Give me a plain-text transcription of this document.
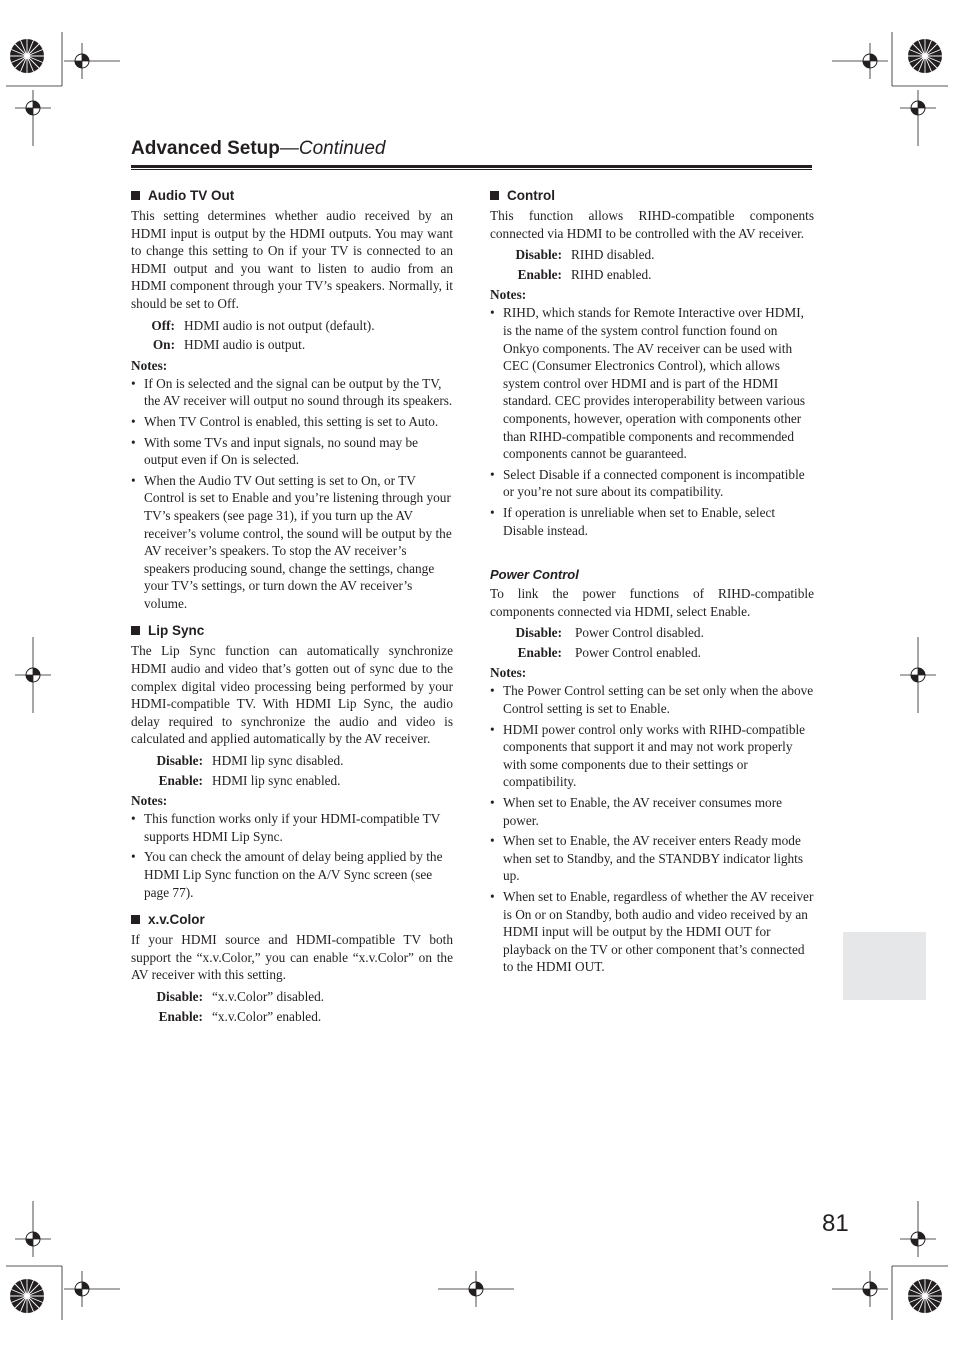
Advanced Setup—Continued
Audio TV Out

This setting determines whether audio received by an HDMI input is output by the HDMI outputs. You may want to change this setting to On if your TV is connected to an HDMI output and you want to listen to audio from an HDMI component through your TV’s speakers. Normally, it should be set to Off.

Off: HDMI audio is not output (default).
On: HDMI audio is output.
Notes:
• If On is selected and the signal can be output by the TV, the AV receiver will output no sound through its speakers.
• When TV Control is enabled, this setting is set to Auto.
• With some TVs and input signals, no sound may be output even if On is selected.
• When the Audio TV Out setting is set to On, or TV Control is set to Enable and you’re listening through your TV’s speakers (see page 31), if you turn up the AV receiver’s volume control, the sound will be output by the AV receiver’s speakers. To stop the AV receiver’s speakers producing sound, change the settings, change your TV’s settings, or turn down the AV receiver’s volume.
Lip Sync

The Lip Sync function can automatically synchronize HDMI audio and video that’s gotten out of sync due to the complex digital video processing being performed by your HDMI-compatible TV. With HDMI Lip Sync, the audio delay required to synchronize the audio and video is calculated and applied automatically by the AV receiver.

Disable: HDMI lip sync disabled.
Enable: HDMI lip sync enabled.
Notes:
• This function works only if your HDMI-compatible TV supports HDMI Lip Sync.
• You can check the amount of delay being applied by the HDMI Lip Sync function on the A/V Sync screen (see page 77).
x.v.Color

If your HDMI source and HDMI-compatible TV both support the “x.v.Color,” you can enable “x.v.Color” on the AV receiver with this setting.

Disable: “x.v.Color” disabled.
Enable: “x.v.Color” enabled.
Control

This function allows RIHD-compatible components connected via HDMI to be controlled with the AV receiver.

Disable: RIHD disabled.
Enable: RIHD enabled.
Notes:
• RIHD, which stands for Remote Interactive over HDMI, is the name of the system control function found on Onkyo components. The AV receiver can be used with CEC (Consumer Electronics Control), which allows system control over HDMI and is part of the HDMI standard. CEC provides interoperability between various components, however, operation with components other than RIHD-compatible components and recommended components cannot be guaranteed.
• Select Disable if a connected component is incompatible or you’re not sure about its compatibility.
• If operation is unreliable when set to Enable, select Disable instead.
Power Control

To link the power functions of RIHD-compatible components connected via HDMI, select Enable.

Disable: Power Control disabled.
Enable: Power Control enabled.
Notes:
• The Power Control setting can be set only when the above Control setting is set to Enable.
• HDMI power control only works with RIHD-compatible components that support it and may not work properly with some components due to their settings or compatibility.
• When set to Enable, the AV receiver consumes more power.
• When set to Enable, the AV receiver enters Ready mode when set to Standby, and the STANDBY indicator lights up.
• When set to Enable, regardless of whether the AV receiver is On or on Standby, both audio and video received by an HDMI input will be output by the HDMI OUT for playback on the TV or other component that’s connected to the HDMI OUT.
81
